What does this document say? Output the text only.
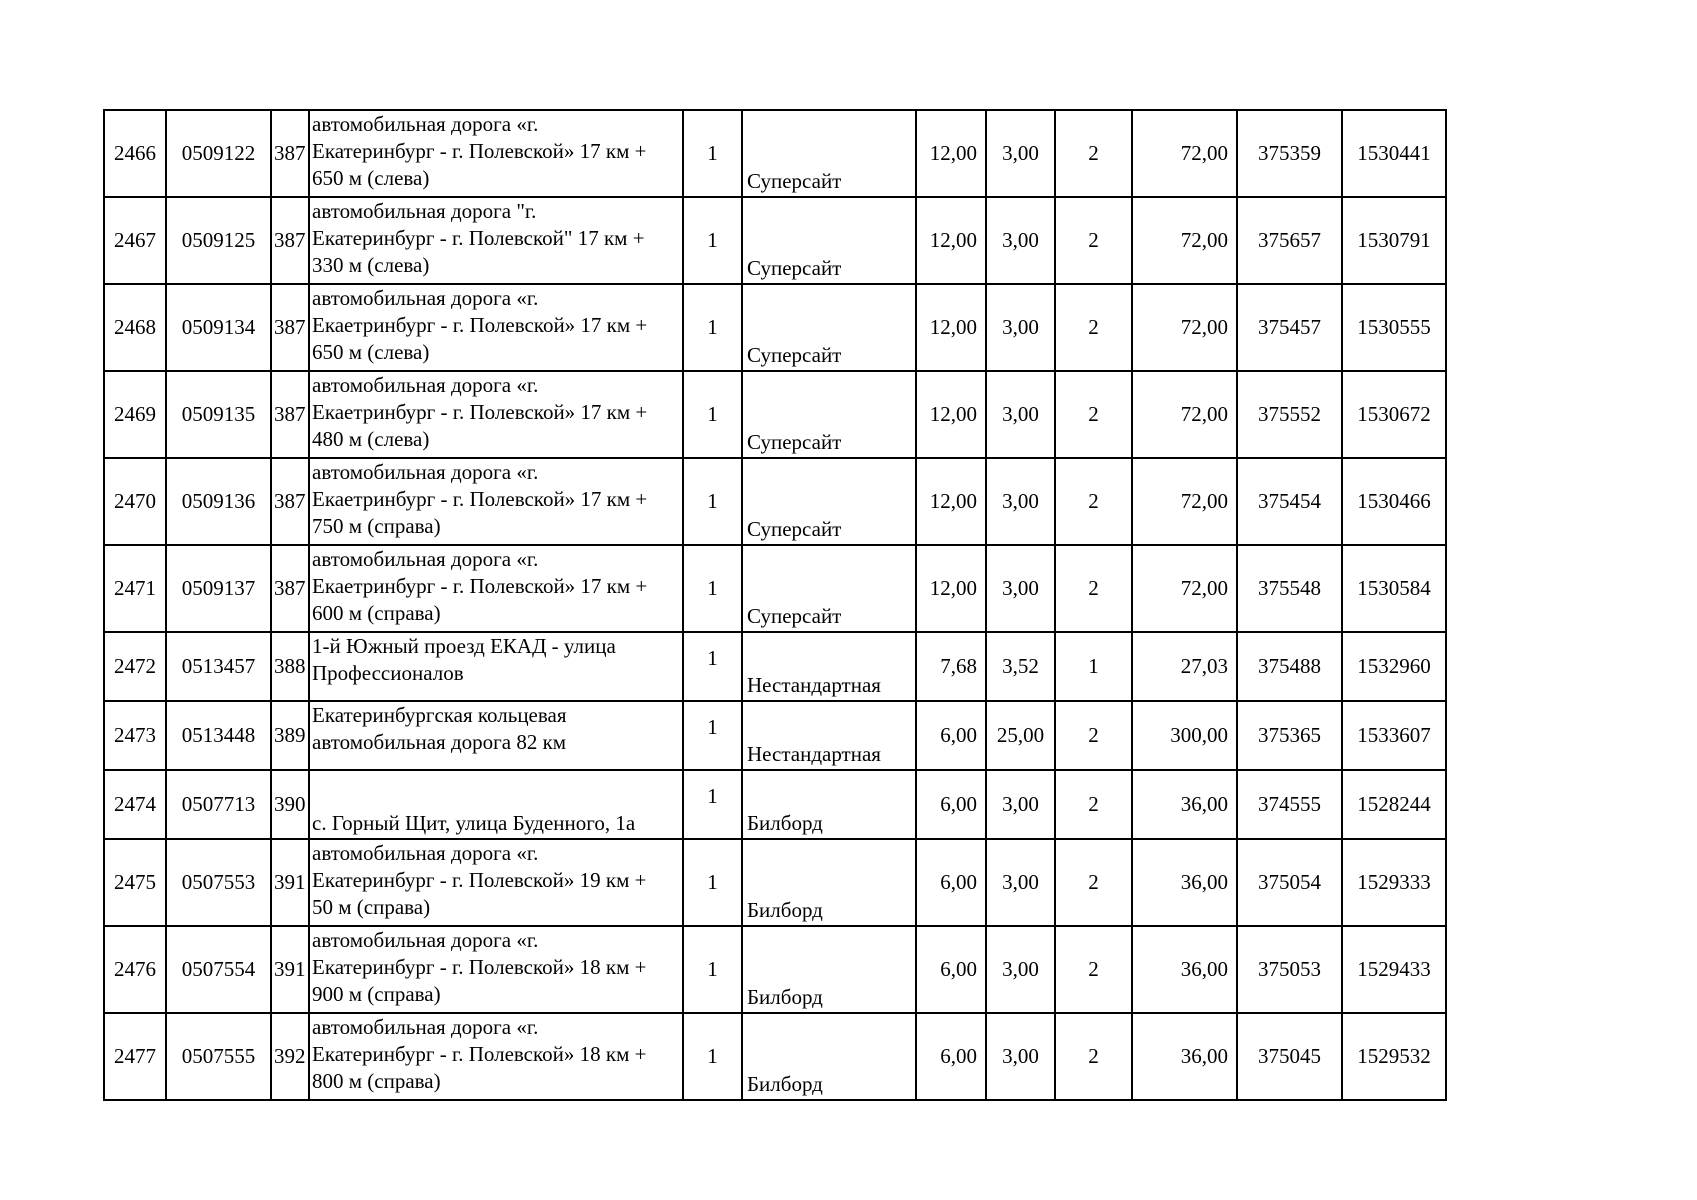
2466	0509122	387	автомобильная дорога «г.
Екатеринбург - г. Полевской» 17 км +
650 м (слева)	1	Суперсайт	12,00	3,00	2	72,00	375359	1530441
2467	0509125	387	автомобильная дорога "г.
Екатеринбург - г. Полевской" 17 км +
330 м (слева)	1	Суперсайт	12,00	3,00	2	72,00	375657	1530791
2468	0509134	387	автомобильная дорога «г.
Екаетринбург - г. Полевской» 17 км +
650 м (слева)	1	Суперсайт	12,00	3,00	2	72,00	375457	1530555
2469	0509135	387	автомобильная дорога «г.
Екаетринбург - г. Полевской» 17 км +
480 м (слева)	1	Суперсайт	12,00	3,00	2	72,00	375552	1530672
2470	0509136	387	автомобильная дорога «г.
Екаетринбург - г. Полевской» 17 км +
750 м (справа)	1	Суперсайт	12,00	3,00	2	72,00	375454	1530466
2471	0509137	387	автомобильная дорога «г.
Екаетринбург - г. Полевской» 17 км +
600 м (справа)	1	Суперсайт	12,00	3,00	2	72,00	375548	1530584
2472	0513457	388	1-й Южный проезд ЕКАД - улица
Профессионалов	1	Нестандартная	7,68	3,52	1	27,03	375488	1532960
2473	0513448	389	Екатеринбургская кольцевая
автомобильная дорога 82 км	1	Нестандартная	6,00	25,00	2	300,00	375365	1533607
2474	0507713	390	с. Горный Щит, улица Буденного, 1а	1	Билборд	6,00	3,00	2	36,00	374555	1528244
2475	0507553	391	автомобильная дорога «г.
Екатеринбург - г. Полевской» 19 км +
50 м (справа)	1	Билборд	6,00	3,00	2	36,00	375054	1529333
2476	0507554	391	автомобильная дорога «г.
Екатеринбург - г. Полевской» 18 км +
900 м (справа)	1	Билборд	6,00	3,00	2	36,00	375053	1529433
2477	0507555	392	автомобильная дорога «г.
Екатеринбург - г. Полевской» 18 км +
800 м (справа)	1	Билборд	6,00	3,00	2	36,00	375045	1529532
